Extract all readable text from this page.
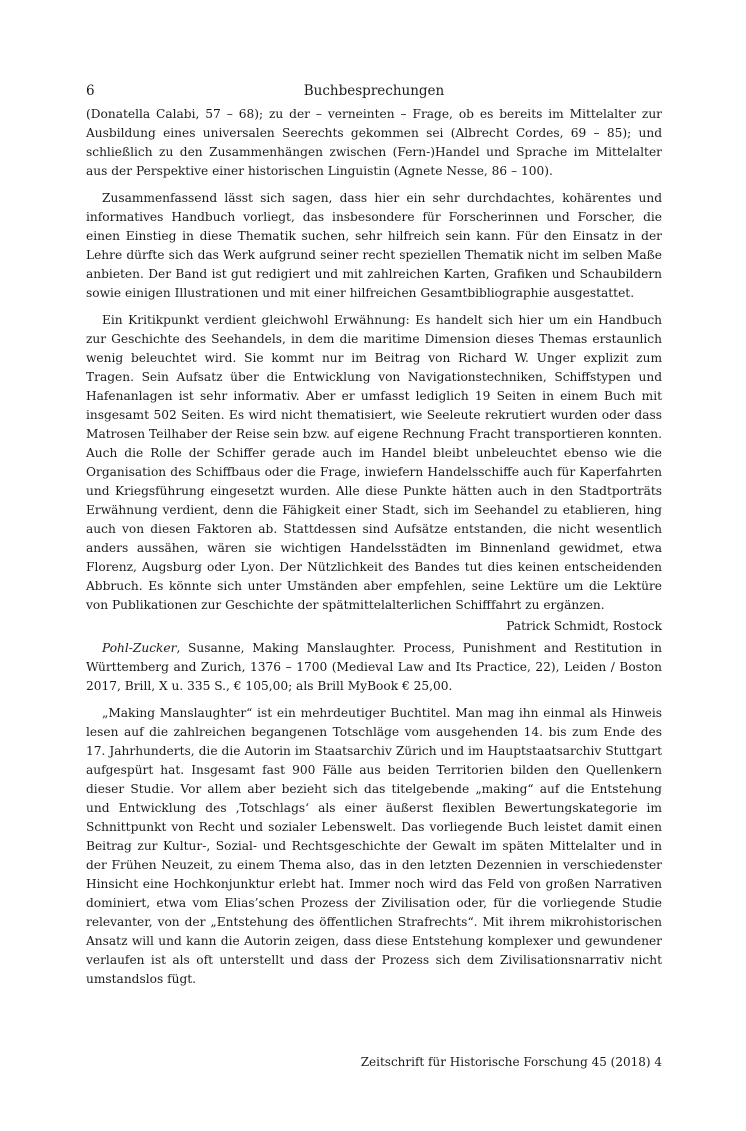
6	Buchbesprechungen

(Donatella Calabi, 57 – 68); zu der – verneinten – Frage, ob es bereits im Mittelalter zur Ausbildung eines universalen Seerechts gekommen sei (Albrecht Cordes, 69 – 85); und schließlich zu den Zusammenhängen zwischen (Fern-)Handel und Sprache im Mittelalter aus der Perspektive einer historischen Linguistin (Agnete Nesse, 86 – 100).

Zusammenfassend lässt sich sagen, dass hier ein sehr durchdachtes, kohärentes und informatives Handbuch vorliegt, das insbesondere für Forscherinnen und Forscher, die einen Einstieg in diese Thematik suchen, sehr hilfreich sein kann. Für den Einsatz in der Lehre dürfte sich das Werk aufgrund seiner recht speziellen Thematik nicht im selben Maße anbieten. Der Band ist gut redigiert und mit zahlreichen Karten, Grafiken und Schaubildern sowie einigen Illustrationen und mit einer hilfreichen Gesamtbibliographie ausgestattet.

Ein Kritikpunkt verdient gleichwohl Erwähnung: Es handelt sich hier um ein Handbuch zur Geschichte des Seehandels, in dem die maritime Dimension dieses Themas erstaunlich wenig beleuchtet wird. Sie kommt nur im Beitrag von Richard W. Unger explizit zum Tragen. Sein Aufsatz über die Entwicklung von Navigationstechniken, Schiffstypen und Hafenanlagen ist sehr informativ. Aber er umfasst lediglich 19 Seiten in einem Buch mit insgesamt 502 Seiten. Es wird nicht thematisiert, wie Seeleute rekrutiert wurden oder dass Matrosen Teilhaber der Reise sein bzw. auf eigene Rechnung Fracht transportieren konnten. Auch die Rolle der Schiffer gerade auch im Handel bleibt unbeleuchtet ebenso wie die Organisation des Schiffbaus oder die Frage, inwiefern Handelsschiffe auch für Kaperfahrten und Kriegsführung eingesetzt wurden. Alle diese Punkte hätten auch in den Stadtporträts Erwähnung verdient, denn die Fähigkeit einer Stadt, sich im Seehandel zu etablieren, hing auch von diesen Faktoren ab. Stattdessen sind Aufsätze entstanden, die nicht wesentlich anders aussähen, wären sie wichtigen Handelsstädten im Binnenland gewidmet, etwa Florenz, Augsburg oder Lyon. Der Nützlichkeit des Bandes tut dies keinen entscheidenden Abbruch. Es könnte sich unter Umständen aber empfehlen, seine Lektüre um die Lektüre von Publikationen zur Geschichte der spätmittelalterlichen Schifffahrt zu ergänzen.

Patrick Schmidt, Rostock

Pohl-Zucker, Susanne, Making Manslaughter. Process, Punishment and Restitution in Württemberg and Zurich, 1376 – 1700 (Medieval Law and Its Practice, 22), Leiden / Boston 2017, Brill, X u. 335 S., € 105,00; als Brill MyBook € 25,00.

„Making Manslaughter“ ist ein mehrdeutiger Buchtitel. Man mag ihn einmal als Hinweis lesen auf die zahlreichen begangenen Totschläge vom ausgehenden 14. bis zum Ende des 17. Jahrhunderts, die die Autorin im Staatsarchiv Zürich und im Hauptstaatsarchiv Stuttgart aufgespürt hat. Insgesamt fast 900 Fälle aus beiden Territorien bilden den Quellenkern dieser Studie. Vor allem aber bezieht sich das titelgebende „making“ auf die Entstehung und Entwicklung des ‚Totschlags‘ als einer äußerst flexiblen Bewertungskategorie im Schnittpunkt von Recht und sozialer Lebenswelt. Das vorliegende Buch leistet damit einen Beitrag zur Kultur-, Sozial- und Rechtsgeschichte der Gewalt im späten Mittelalter und in der Frühen Neuzeit, zu einem Thema also, das in den letzten Dezennien in verschiedenster Hinsicht eine Hochkonjunktur erlebt hat. Immer noch wird das Feld von großen Narrativen dominiert, etwa vom Elias’schen Prozess der Zivilisation oder, für die vorliegende Studie relevanter, von der „Entstehung des öffentlichen Strafrechts“. Mit ihrem mikrohistorischen Ansatz will und kann die Autorin zeigen, dass diese Entstehung komplexer und gewundener verlaufen ist als oft unterstellt und dass der Prozess sich dem Zivilisationsnarrativ nicht umstandslos fügt.

Zeitschrift für Historische Forschung 45 (2018) 4
